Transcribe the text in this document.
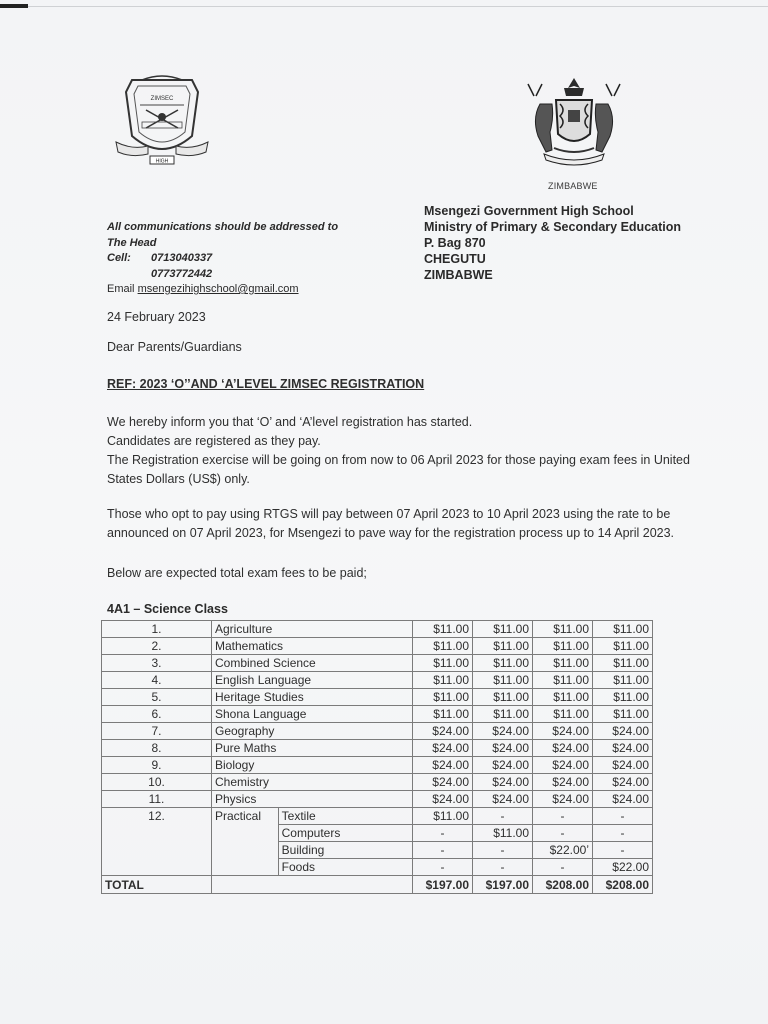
ZIMSEC
HIGH
ZIMBABWE
Msengezi Government High School
Ministry of Primary & Secondary Education
P. Bag 870
CHEGUTU
ZIMBABWE
All communications should be addressed to
The Head
Cell:	0713040337
0773772442
Email msengezihighschool@gmail.com
24 February 2023
Dear Parents/Guardians
REF: 2023 ‘O’’AND ‘A’LEVEL ZIMSEC REGISTRATION
We hereby inform you that ‘O’ and ‘A’level registration has started.
Candidates are registered as they pay.
The Registration exercise will be going on from now to 06 April 2023 for those paying exam fees in United
States Dollars (US$) only.
Those who opt to pay using RTGS will pay between 07 April 2023 to 10 April 2023 using the rate to be
announced on 07 April 2023, for Msengezi to pave way for the registration process up to 14 April 2023.
Below are expected total exam fees to be paid;
4A1 – Science Class
1.	Agriculture		$11.00	$11.00	$11.00	$11.00
2.	Mathematics		$11.00	$11.00	$11.00	$11.00
3.	Combined Science		$11.00	$11.00	$11.00	$11.00
4.	English Language		$11.00	$11.00	$11.00	$11.00
5.	Heritage Studies		$11.00	$11.00	$11.00	$11.00
6.	Shona Language		$11.00	$11.00	$11.00	$11.00
7.	Geography		$24.00	$24.00	$24.00	$24.00
8.	Pure Maths		$24.00	$24.00	$24.00	$24.00
9.	Biology		$24.00	$24.00	$24.00	$24.00
10.	Chemistry		$24.00	$24.00	$24.00	$24.00
11.	Physics		$24.00	$24.00	$24.00	$24.00
12.	Practical	Textile	$11.00	-	-	-
		Computers	-	$11.00	-	-
		Building	-	-	$22.00ʼ	-
		Foods	-	-	-	$22.00
TOTAL			$197.00	$197.00	$208.00	$208.00
